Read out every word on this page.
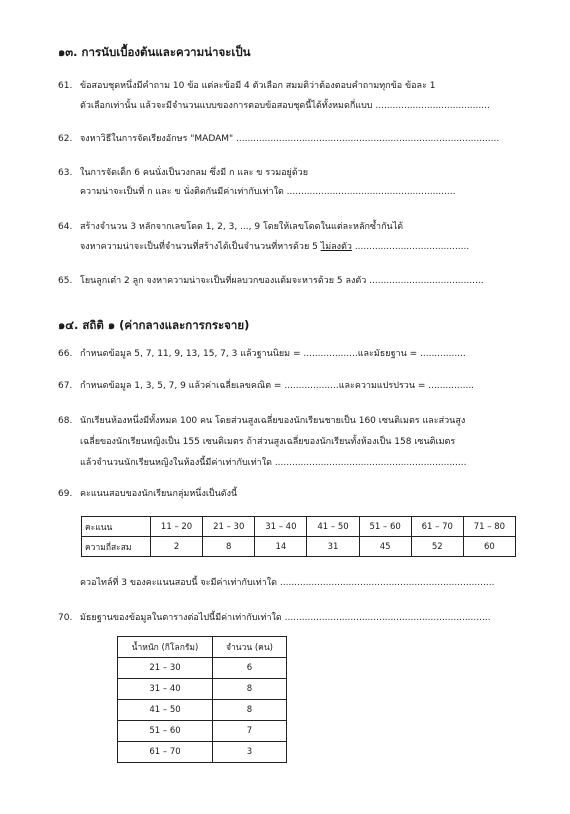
๑๓. การนับเบื้องต้นและความน่าจะเป็น
61. ข้อสอบชุดหนึ่งมีคำถาม 10 ข้อ แต่ละข้อมี 4 ตัวเลือก สมมติว่าต้องตอบคำถามทุกข้อ ข้อละ 1
ตัวเลือกเท่านั้น แล้วจะมีจำนวนแบบของการตอบข้อสอบชุดนี้ได้ทั้งหมดกี่แบบ ........................................
62. จงหาวิธีในการจัดเรียงอักษร "MADAM" ............................................................................................
63. ในการจัดเด็ก 6 คนนั่งเป็นวงกลม ซึ่งมี ก และ ข รวมอยู่ด้วย
ความน่าจะเป็นที่ ก และ ข นั่งติดกันมีค่าเท่ากับเท่าใด ...........................................................
64. สร้างจำนวน 3 หลักจากเลขโดด 1, 2, 3, ..., 9 โดยให้เลขโดดในแต่ละหลักซ้ำกันได้
จงหาความน่าจะเป็นที่จำนวนที่สร้างได้เป็นจำนวนที่หารด้วย 5 ไม่ลงตัว ........................................
65. โยนลูกเต๋า 2 ลูก จงหาความน่าจะเป็นที่ผลบวกของแต้มจะหารด้วย 5 ลงตัว ........................................
๑๔. สถิติ ๑ (ค่ากลางและการกระจาย)
66. กำหนดข้อมูล 5, 7, 11, 9, 13, 15, 7, 3 แล้วฐานนิยม = ...................และมัธยฐาน = ................
67. กำหนดข้อมูล 1, 3, 5, 7, 9 แล้วค่าเฉลี่ยเลขคณิต = ...................และความแปรปรวน = ................
68. นักเรียนห้องหนึ่งมีทั้งหมด 100 คน โดยส่วนสูงเฉลี่ยของนักเรียนชายเป็น 160 เซนติเมตร และส่วนสูง
เฉลี่ยของนักเรียนหญิงเป็น 155 เซนติเมตร ถ้าส่วนสูงเฉลี่ยของนักเรียนทั้งห้องเป็น 158 เซนติเมตร
แล้วจำนวนนักเรียนหญิงในห้องนี้มีค่าเท่ากับเท่าใด ...................................................................
69. คะแนนสอบของนักเรียนกลุ่มหนึ่งเป็นดังนี้
คะแนน	11 – 20	21 – 30	31 – 40	41 – 50	51 – 60	61 – 70	71 – 80
ความถี่สะสม	2	8	14	31	45	52	60
ควอไทล์ที่ 3 ของคะแนนสอบนี้ จะมีค่าเท่ากับเท่าใด ...........................................................................
70. มัธยฐานของข้อมูลในตารางต่อไปนี้มีค่าเท่ากับเท่าใด ........................................................................
น้ำหนัก (กิโลกรัม)	จำนวน (คน)
21 – 30	6
31 – 40	8
41 – 50	8
51 – 60	7
61 – 70	3
